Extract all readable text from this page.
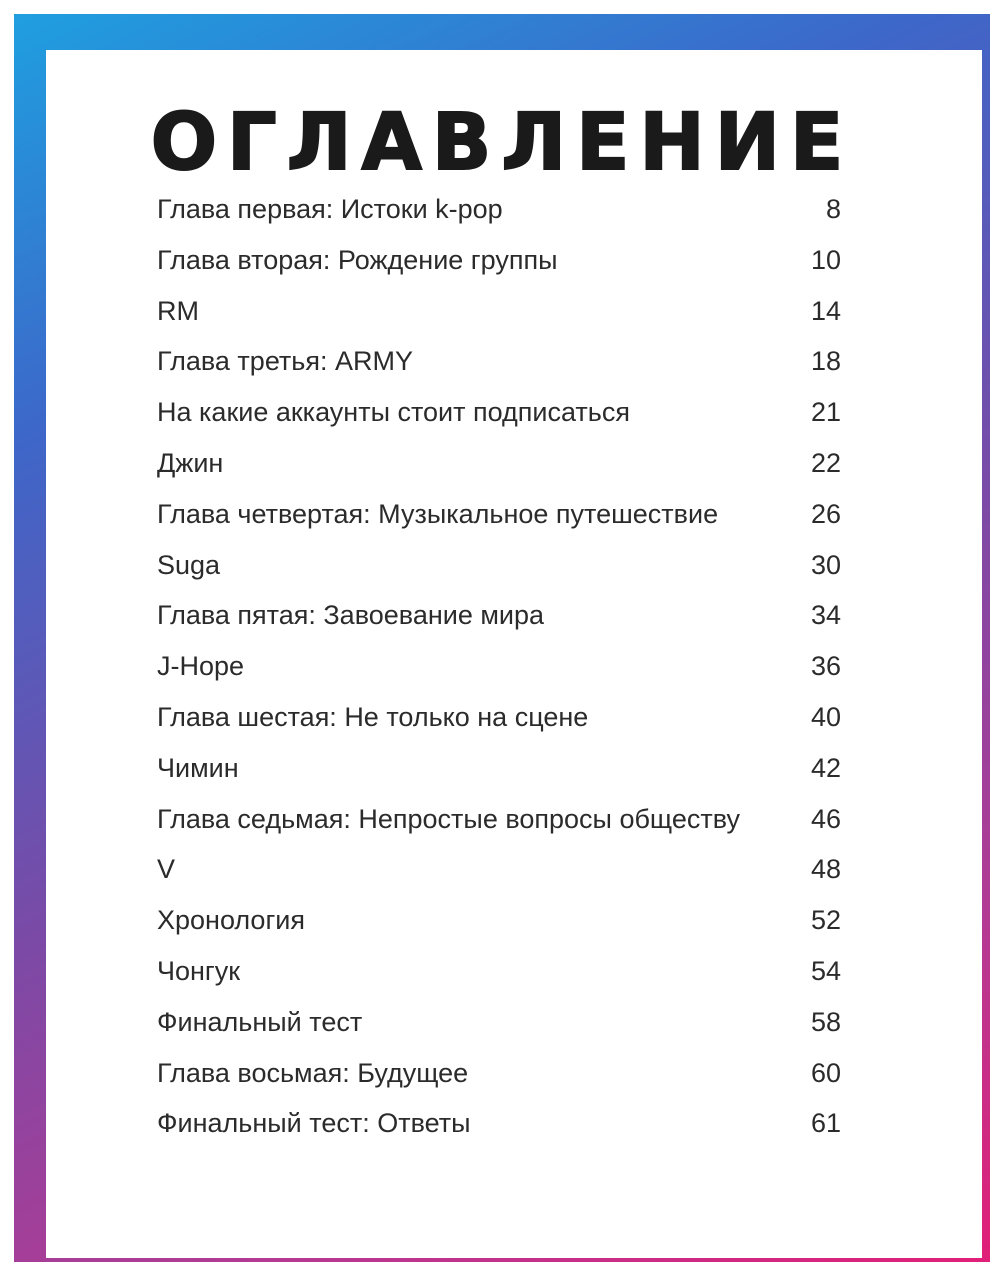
ОГЛАВЛЕНИЕ
Глава первая: Истоки k-pop	8
Глава вторая: Рождение группы	10
RM	14
Глава третья: ARMY	18
На какие аккаунты стоит подписаться	21
Джин	22
Глава четвертая: Музыкальное путешествие	26
Suga	30
Глава пятая: Завоевание мира	34
J-Hope	36
Глава шестая: Не только на сцене	40
Чимин	42
Глава седьмая: Непростые вопросы обществу	46
V	48
Хронология	52
Чонгук	54
Финальный тест	58
Глава восьмая: Будущее	60
Финальный тест: Ответы	61
